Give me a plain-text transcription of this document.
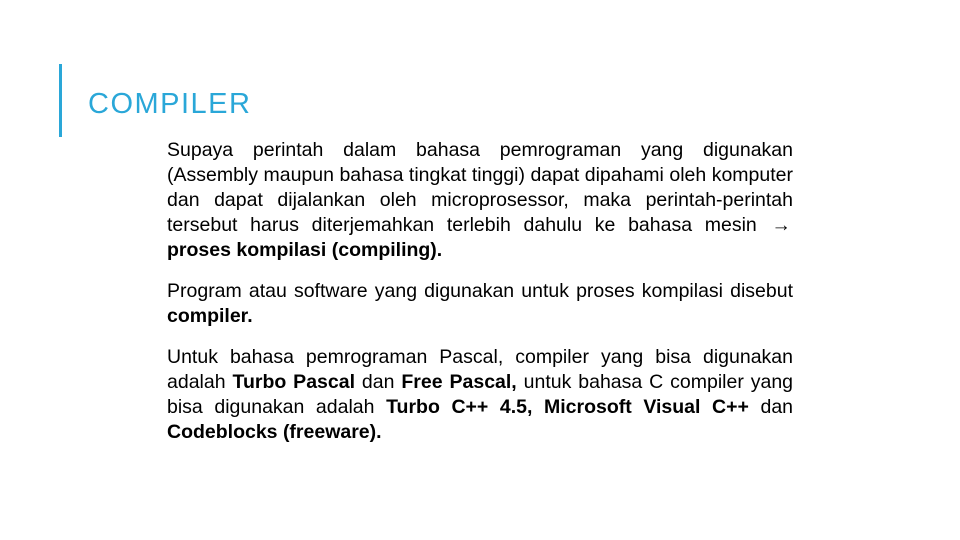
COMPILER

Supaya perintah dalam bahasa pemrograman yang digunakan (Assembly maupun bahasa tingkat tinggi) dapat dipahami oleh komputer dan dapat dijalankan oleh microprosessor, maka perintah-perintah tersebut harus diterjemahkan terlebih dahulu ke bahasa mesin → proses kompilasi (compiling).

Program atau software yang digunakan untuk proses kompilasi disebut compiler.

Untuk bahasa pemrograman Pascal, compiler yang bisa digunakan adalah Turbo Pascal dan Free Pascal, untuk bahasa C compiler yang bisa digunakan adalah Turbo C++ 4.5, Microsoft Visual C++ dan Codeblocks (freeware).
